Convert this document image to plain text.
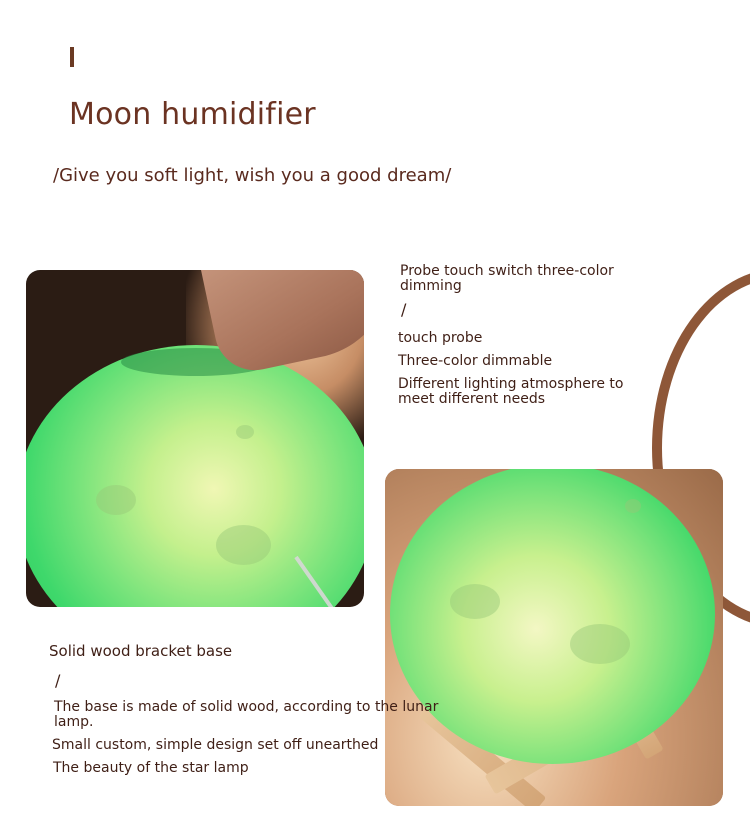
Moon humidifier
/Give you soft light, wish you a good dream/
Probe touch switch three-color dimming
/
touch probe
Three-color dimmable
Different lighting atmosphere to meet different needs
Solid wood bracket base
/
The base is made of solid wood, according to the lunar lamp.
Small custom, simple design set off unearthed
The beauty of the star lamp
